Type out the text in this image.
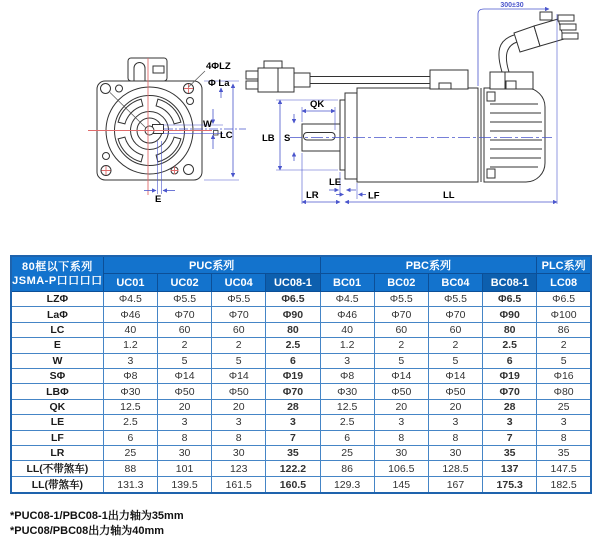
4ΦLZ
Φ La
W
LC
E
QK
LB S
LE
LF
LR	LL
300±30
80框以下系列
JSMA-P口口口口	PUC系列				PBC系列				PLC系列
	UC01	UC02	UC04	UC08-1	BC01	BC02	BC04	BC08-1	LC08
LZΦ	Φ4.5	Φ5.5	Φ5.5	Φ6.5	Φ4.5	Φ5.5	Φ5.5	Φ6.5	Φ6.5
LaΦ	Φ46	Φ70	Φ70	Φ90	Φ46	Φ70	Φ70	Φ90	Φ100
LC	40	60	60	80	40	60	60	80	86
E	1.2	2	2	2.5	1.2	2	2	2.5	2
W	3	5	5	6	3	5	5	6	5
SΦ	Φ8	Φ14	Φ14	Φ19	Φ8	Φ14	Φ14	Φ19	Φ16
LBΦ	Φ30	Φ50	Φ50	Φ70	Φ30	Φ50	Φ50	Φ70	Φ80
QK	12.5	20	20	28	12.5	20	20	28	25
LE	2.5	3	3	3	2.5	3	3	3	3
LF	6	8	8	7	6	8	8	7	8
LR	25	30	30	35	25	30	30	35	35
LL(不带煞车)	88	101	123	122.2	86	106.5	128.5	137	147.5
LL(带煞车)	131.3	139.5	161.5	160.5	129.3	145	167	175.3	182.5
*PUC08-1/PBC08-1出力轴为35mm
*PUC08/PBC08出力轴为40mm
